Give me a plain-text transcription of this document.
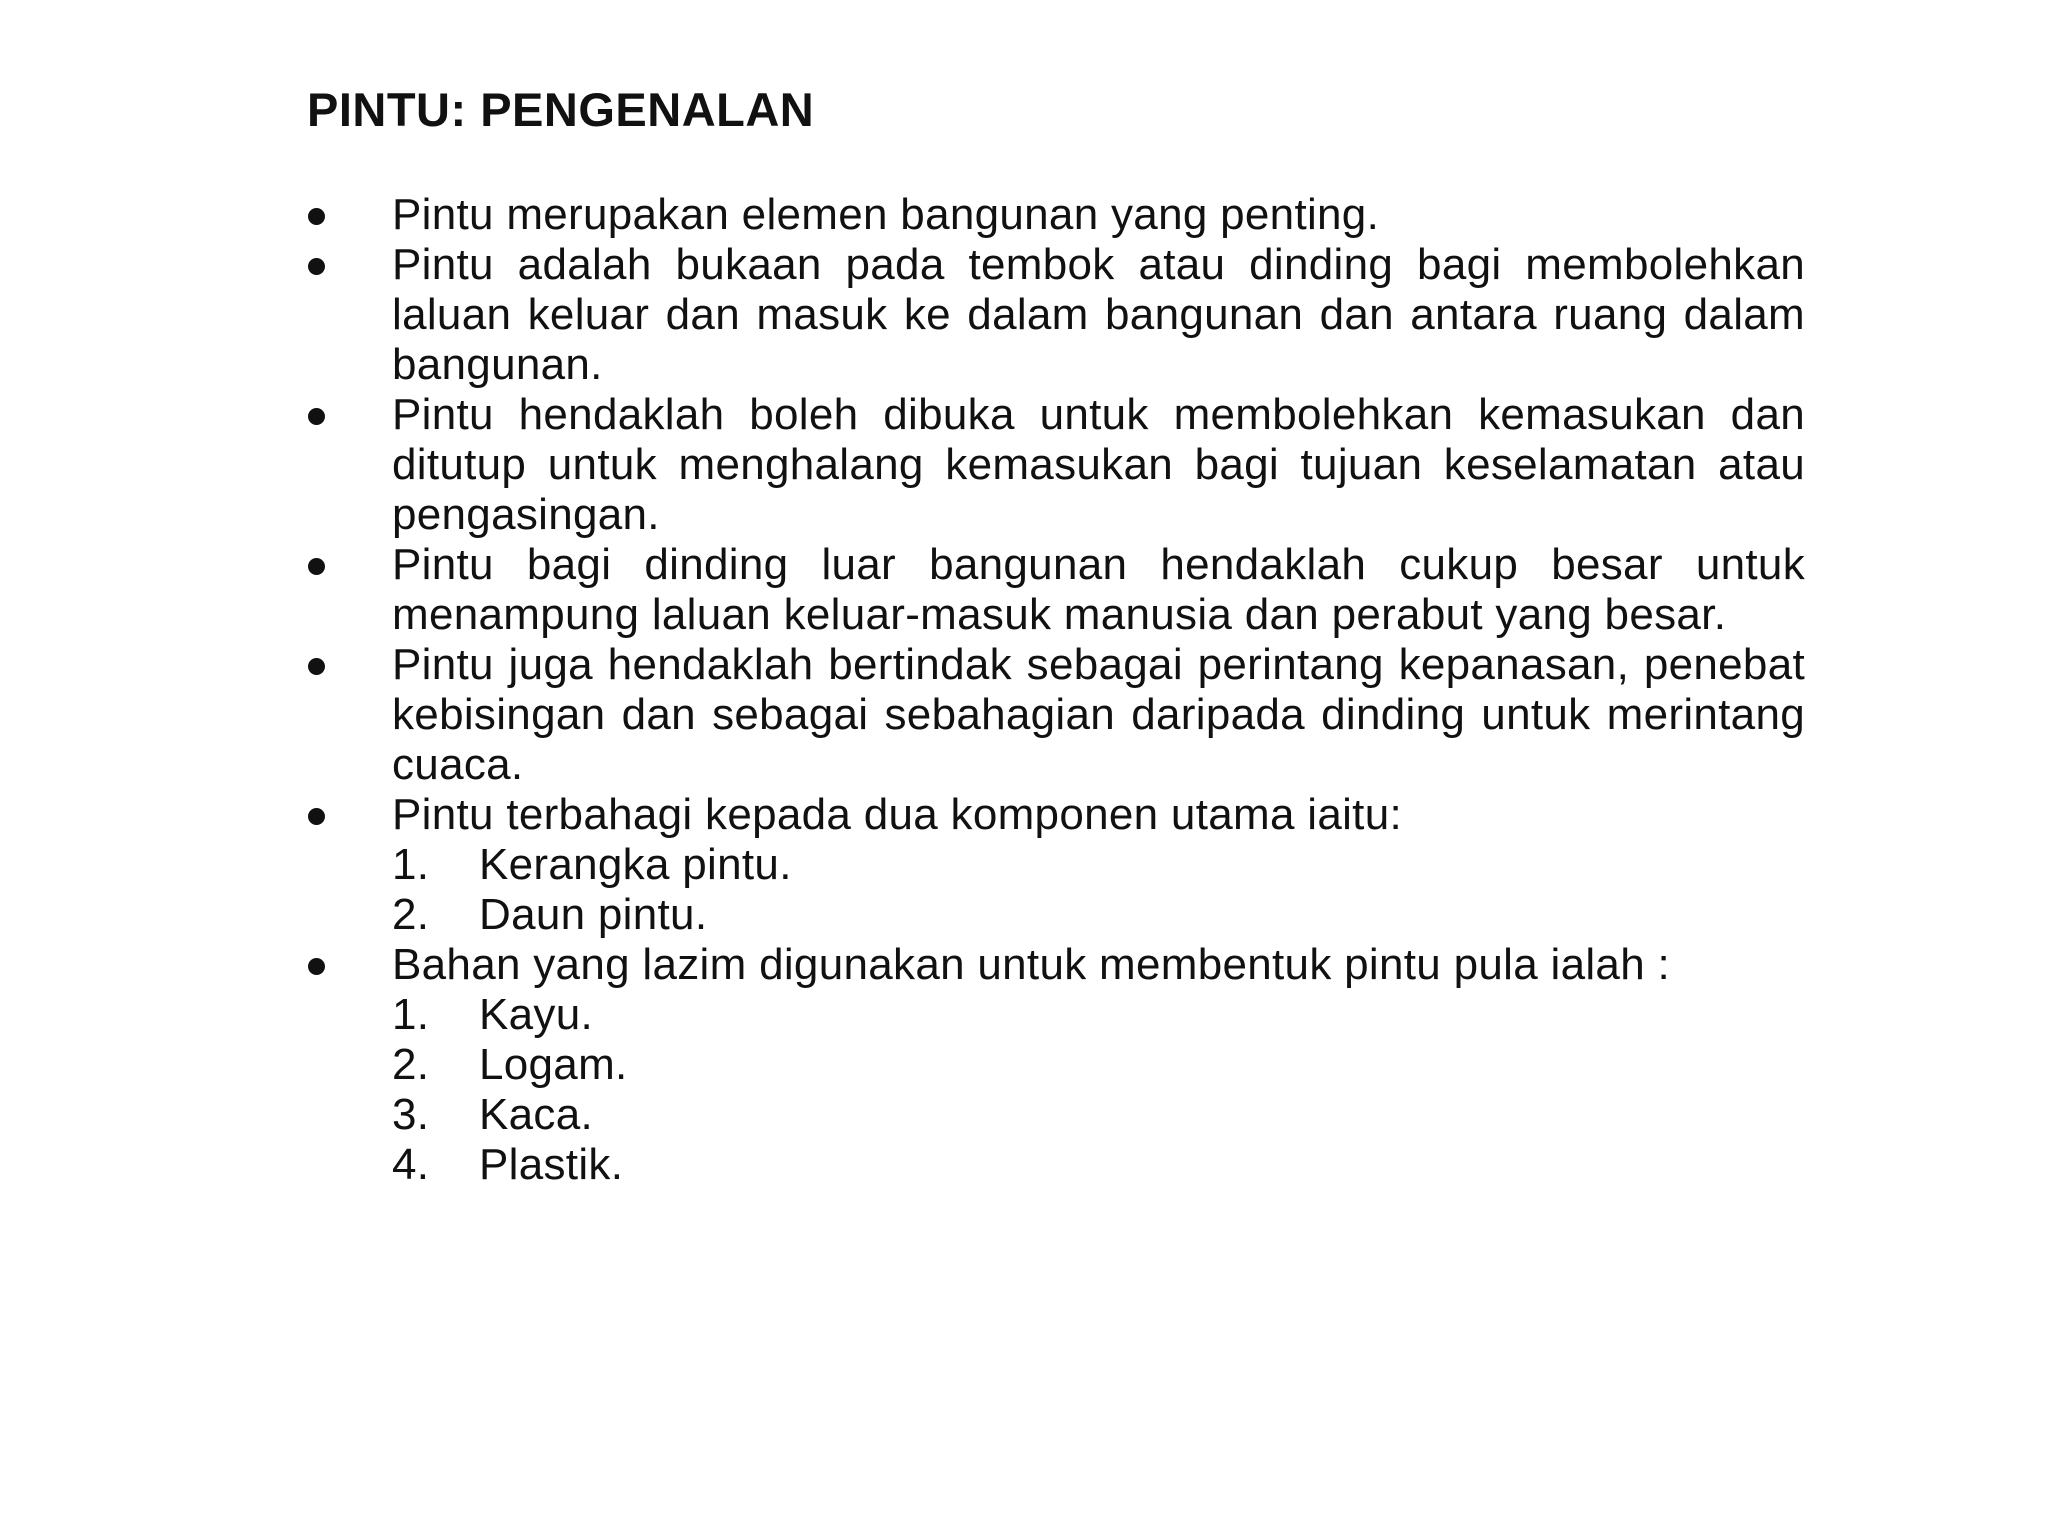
PINTU: PENGENALAN
Pintu merupakan elemen bangunan yang penting.
Pintu adalah bukaan pada tembok atau dinding bagi membolehkan laluan keluar dan masuk ke dalam bangunan dan antara ruang dalam bangunan.
Pintu hendaklah boleh dibuka untuk membolehkan kemasukan dan ditutup untuk menghalang kemasukan bagi tujuan keselamatan atau pengasingan.
Pintu bagi dinding luar bangunan hendaklah cukup besar untuk menampung laluan keluar-masuk manusia dan perabut yang besar.
Pintu juga hendaklah bertindak sebagai perintang kepanasan, penebat kebisingan dan sebagai sebahagian daripada dinding untuk merintang cuaca.
Pintu terbahagi kepada dua komponen utama iaitu:
1.	Kerangka pintu.
2.	Daun pintu.
Bahan yang lazim digunakan untuk membentuk pintu pula ialah :
1.	Kayu.
2.	Logam.
3.	Kaca.
4.	Plastik.
